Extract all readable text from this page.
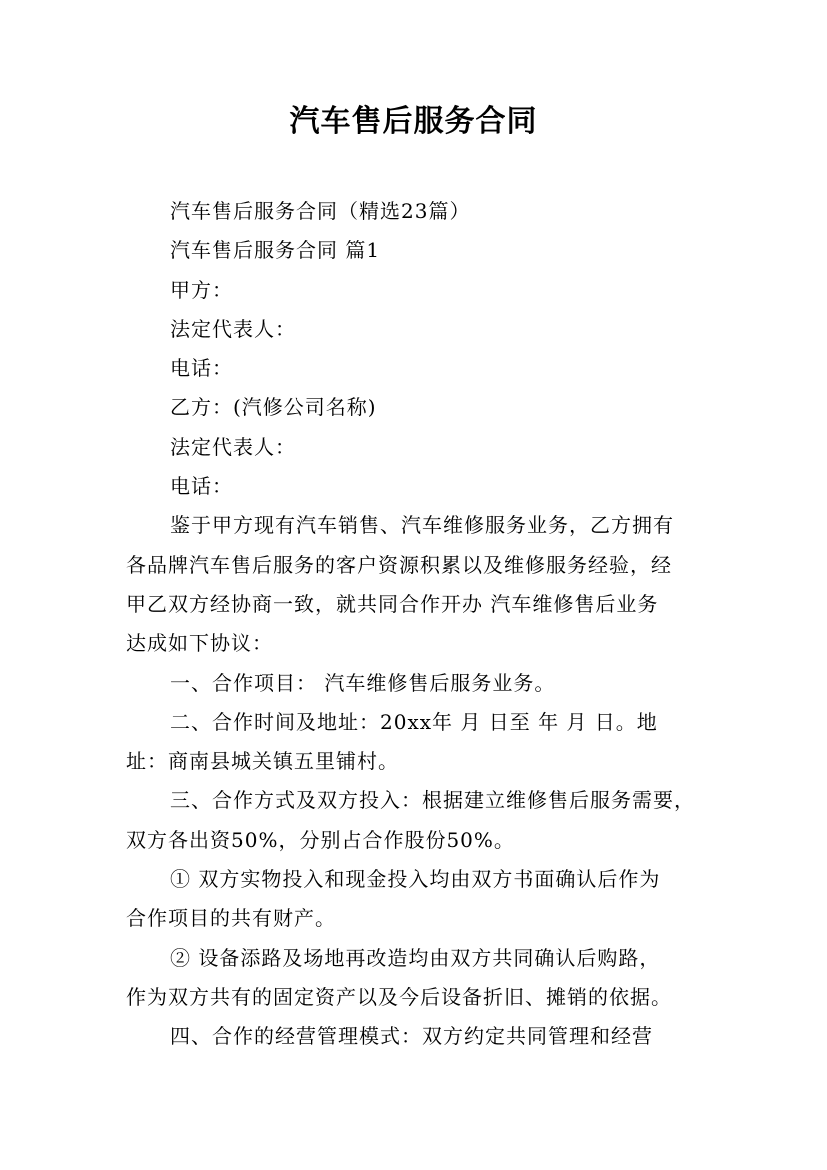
汽车售后服务合同

汽车售后服务合同（精选23篇）

汽车售后服务合同 篇1

甲方：

法定代表人：

电话：

乙方：(汽修公司名称)

法定代表人：

电话：

鉴于甲方现有汽车销售、汽车维修服务业务，乙方拥有

各品牌汽车售后服务的客户资源积累以及维修服务经验，经

甲乙双方经协商一致，就共同合作开办 汽车维修售后业务

达成如下协议：

一、合作项目： 汽车维修售后服务业务。

二、合作时间及地址：20xx年 月 日至 年 月 日。地

址：商南县城关镇五里铺村。

三、合作方式及双方投入：根据建立维修售后服务需要，

双方各出资50%，分别占合作股份50%。

① 双方实物投入和现金投入均由双方书面确认后作为

合作项目的共有财产。

② 设备添路及场地再改造均由双方共同确认后购路，

作为双方共有的固定资产以及今后设备折旧、摊销的依据。

四、合作的经营管理模式：双方约定共同管理和经营
